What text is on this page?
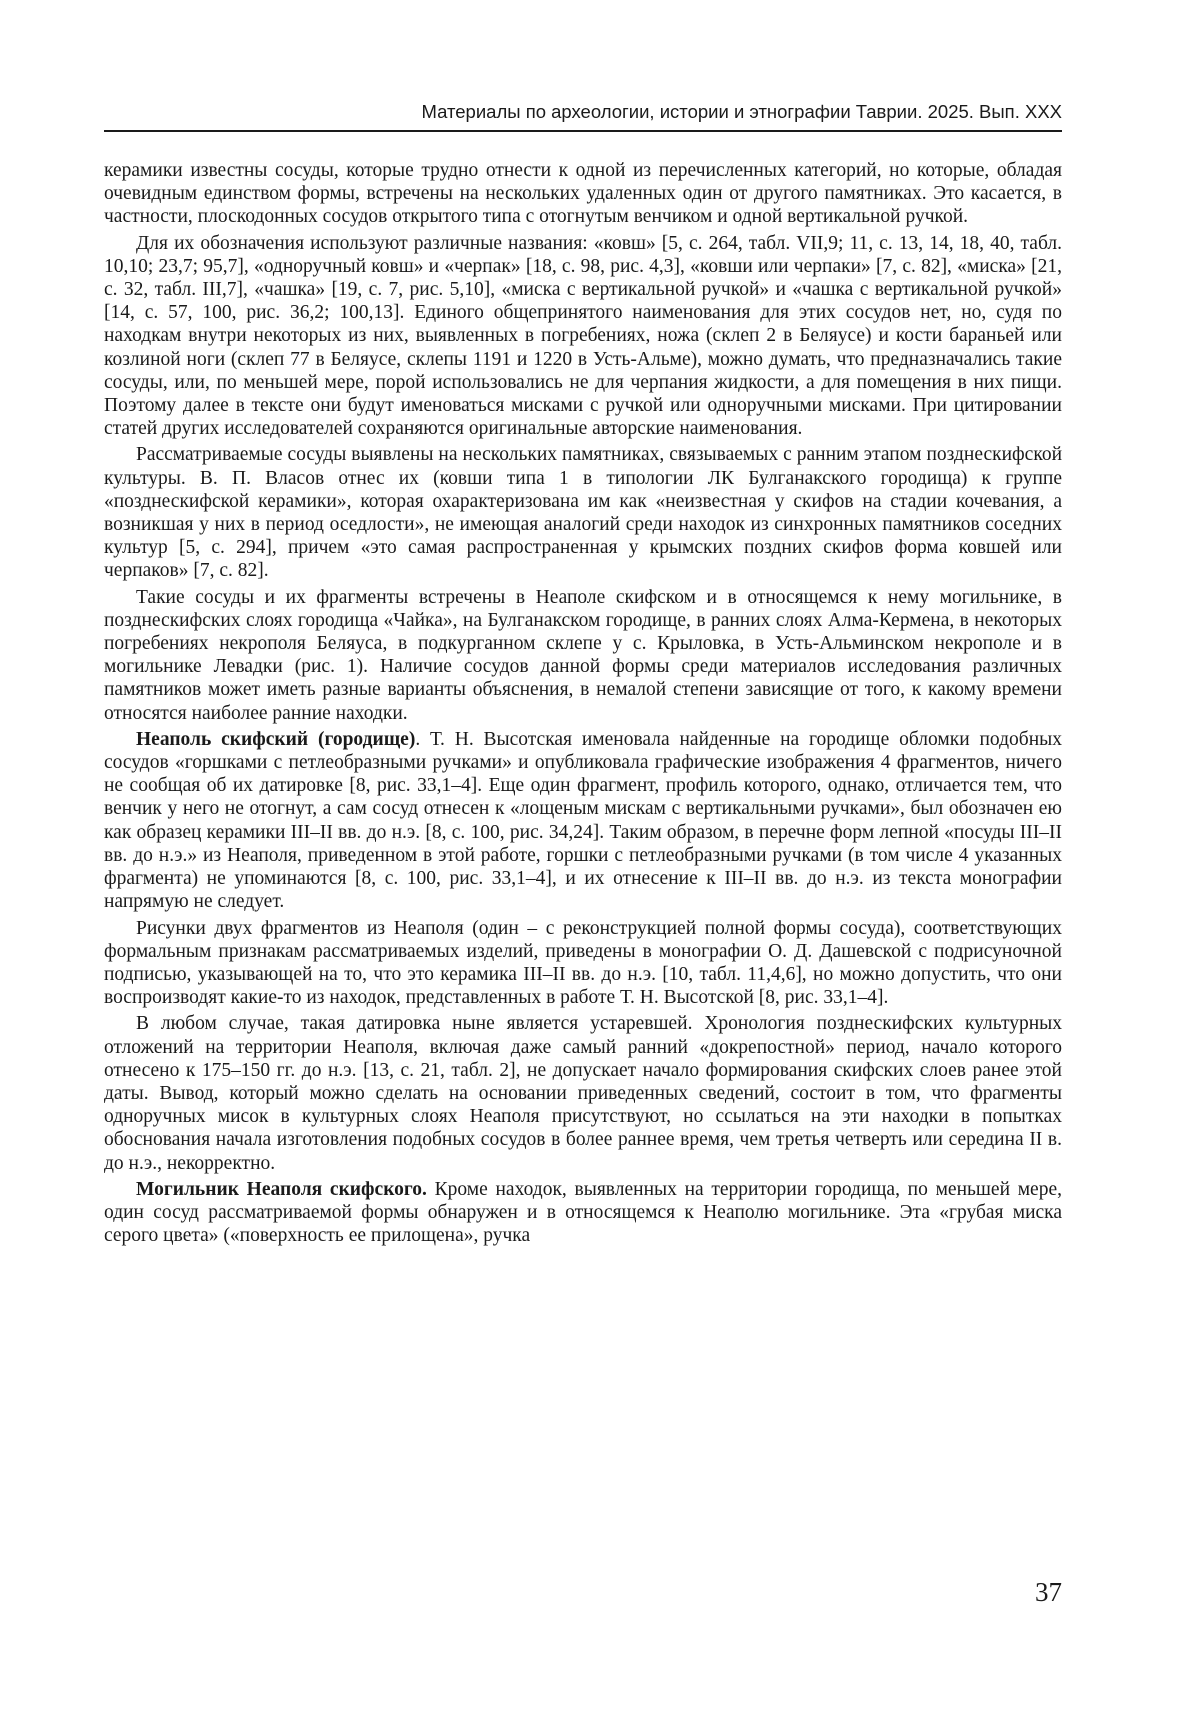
Материалы по археологии, истории и этнографии Таврии. 2025. Вып. XXX

керамики известны сосуды, которые трудно отнести к одной из перечисленных категорий, но которые, обладая очевидным единством формы, встречены на нескольких удаленных один от другого памятниках. Это касается, в частности, плоскодонных сосудов открытого типа с отогнутым венчиком и одной вертикальной ручкой.

Для их обозначения используют различные названия: «ковш» [5, с. 264, табл. VII,9; 11, с. 13, 14, 18, 40, табл. 10,10; 23,7; 95,7], «одноручный ковш» и «черпак» [18, с. 98, рис. 4,3], «ковши или черпаки» [7, с. 82], «миска» [21, с. 32, табл. III,7], «чашка» [19, с. 7, рис. 5,10], «миска с вертикальной ручкой» и «чашка с вертикальной ручкой» [14, с. 57, 100, рис. 36,2; 100,13]. Единого общепринятого наименования для этих сосудов нет, но, судя по находкам внутри некоторых из них, выявленных в погребениях, ножа (склеп 2 в Беляусе) и кости бараньей или козлиной ноги (склеп 77 в Беляусе, склепы 1191 и 1220 в Усть-Альме), можно думать, что предназначались такие сосуды, или, по меньшей мере, порой использовались не для черпания жидкости, а для помещения в них пищи. Поэтому далее в тексте они будут именоваться мисками с ручкой или одноручными мисками. При цитировании статей других исследователей сохраняются оригинальные авторские наименования.

Рассматриваемые сосуды выявлены на нескольких памятниках, связываемых с ранним этапом позднескифской культуры. В. П. Власов отнес их (ковши типа 1 в типологии ЛК Булганакского городища) к группе «позднескифской керамики», которая охарактеризована им как «неизвестная у скифов на стадии кочевания, а возникшая у них в период оседлости», не имеющая аналогий среди находок из синхронных памятников соседних культур [5, с. 294], причем «это самая распространенная у крымских поздних скифов форма ковшей или черпаков» [7, с. 82].

Такие сосуды и их фрагменты встречены в Неаполе скифском и в относящемся к нему могильнике, в позднескифских слоях городища «Чайка», на Булганакском городище, в ранних слоях Алма-Кермена, в некоторых погребениях некрополя Беляуса, в подкурганном склепе у с. Крыловка, в Усть-Альминском некрополе и в могильнике Левадки (рис. 1). Наличие сосудов данной формы среди материалов исследования различных памятников может иметь разные варианты объяснения, в немалой степени зависящие от того, к какому времени относятся наиболее ранние находки.

Неаполь скифский (городище). Т. Н. Высотская именовала найденные на городище обломки подобных сосудов «горшками с петлеобразными ручками» и опубликовала графические изображения 4 фрагментов, ничего не сообщая об их датировке [8, рис. 33,1–4]. Еще один фрагмент, профиль которого, однако, отличается тем, что венчик у него не отогнут, а сам сосуд отнесен к «лощеным мискам с вертикальными ручками», был обозначен ею как образец керамики III–II вв. до н.э. [8, с. 100, рис. 34,24]. Таким образом, в перечне форм лепной «посуды III–II вв. до н.э.» из Неаполя, приведенном в этой работе, горшки с петлеобразными ручками (в том числе 4 указанных фрагмента) не упоминаются [8, с. 100, рис. 33,1–4], и их отнесение к III–II вв. до н.э. из текста монографии напрямую не следует.

Рисунки двух фрагментов из Неаполя (один – с реконструкцией полной формы сосуда), соответствующих формальным признакам рассматриваемых изделий, приведены в монографии О. Д. Дашевской с подрисуночной подписью, указывающей на то, что это керамика III–II вв. до н.э. [10, табл. 11,4,6], но можно допустить, что они воспроизводят какие-то из находок, представленных в работе Т. Н. Высотской [8, рис. 33,1–4].

В любом случае, такая датировка ныне является устаревшей. Хронология позднескифских культурных отложений на территории Неаполя, включая даже самый ранний «докрепостной» период, начало которого отнесено к 175–150 гг. до н.э. [13, с. 21, табл. 2], не допускает начало формирования скифских слоев ранее этой даты. Вывод, который можно сделать на основании приведенных сведений, состоит в том, что фрагменты одноручных мисок в культурных слоях Неаполя присутствуют, но ссылаться на эти находки в попытках обоснования начала изготовления подобных сосудов в более раннее время, чем третья четверть или середина II в. до н.э., некорректно.

Могильник Неаполя скифского. Кроме находок, выявленных на территории городища, по меньшей мере, один сосуд рассматриваемой формы обнаружен и в относящемся к Неаполю могильнике. Эта «грубая миска серого цвета» («поверхность ее прилощена», ручка

37
